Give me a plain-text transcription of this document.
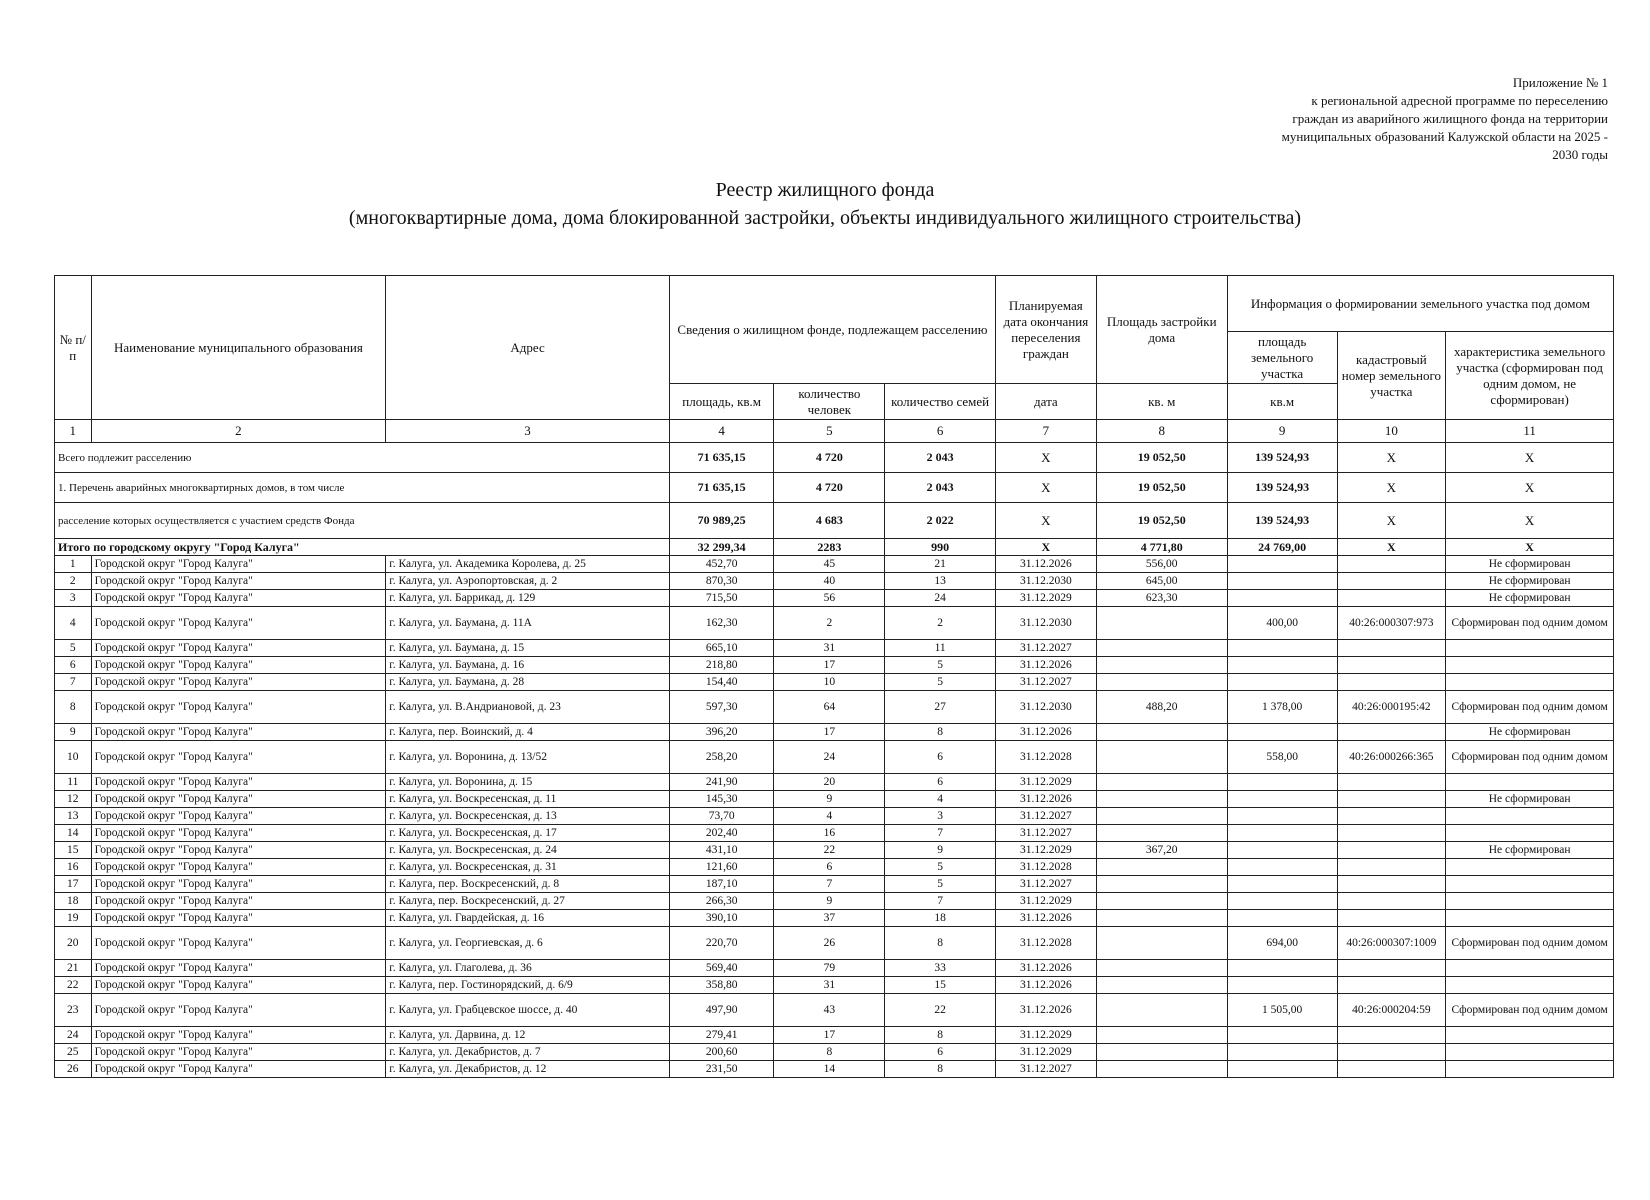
Приложение № 1
к региональной адресной программе по переселению
граждан из аварийного жилищного фонда на территории
муниципальных образований Калужской области на 2025 -
2030 годы
Реестр жилищного фонда
(многоквартирные дома, дома блокированной застройки, объекты индивидуального жилищного строительства)
№ п/п	Наименование муниципального образования	Адрес	Сведения о жилищном фонде, подлежащем расселению			Планируемая дата окончания переселения граждан	Площадь застройки дома	Информация о формировании земельного участка под домом		
								площадь земельного участка	кадастровый номер земельного участка	характеристика земельного участка (сформирован под одним домом, не сформирован)
			площадь, кв.м	количество человек	количество семей	дата	кв. м	кв.м		
1	2	3	4	5	6	7	8	9	10	11
Всего подлежит расселению			71 635,15	4 720	2 043	X	19 052,50	139 524,93	X	X
1. Перечень аварийных многоквартирных домов, в том числе			71 635,15	4 720	2 043	X	19 052,50	139 524,93	X	X
расселение которых осуществляется с участием средств Фонда			70 989,25	4 683	2 022	X	19 052,50	139 524,93	X	X
Итого по городскому округу "Город Калуга"			32 299,34	2283	990	X	4 771,80	24 769,00	X	X
1	Городской округ "Город Калуга"	г. Калуга, ул. Академика Королева, д. 25	452,70	45	21	31.12.2026	556,00			Не сформирован
2	Городской округ "Город Калуга"	г. Калуга, ул. Аэропортовская, д. 2	870,30	40	13	31.12.2030	645,00			Не сформирован
3	Городской округ "Город Калуга"	г. Калуга, ул. Баррикад, д. 129	715,50	56	24	31.12.2029	623,30			Не сформирован
4	Городской округ "Город Калуга"	г. Калуга, ул. Баумана, д. 11А	162,30	2	2	31.12.2030		400,00	40:26:000307:973	Сформирован под одним домом
5	Городской округ "Город Калуга"	г. Калуга, ул. Баумана, д. 15	665,10	31	11	31.12.2027				
6	Городской округ "Город Калуга"	г. Калуга, ул. Баумана, д. 16	218,80	17	5	31.12.2026				
7	Городской округ "Город Калуга"	г. Калуга, ул. Баумана, д. 28	154,40	10	5	31.12.2027				
8	Городской округ "Город Калуга"	г. Калуга, ул. В.Андриановой, д. 23	597,30	64	27	31.12.2030	488,20	1 378,00	40:26:000195:42	Сформирован под одним домом
9	Городской округ "Город Калуга"	г. Калуга, пер. Воинский, д. 4	396,20	17	8	31.12.2026				Не сформирован
10	Городской округ "Город Калуга"	г. Калуга, ул. Воронина, д. 13/52	258,20	24	6	31.12.2028		558,00	40:26:000266:365	Сформирован под одним домом
11	Городской округ "Город Калуга"	г. Калуга, ул. Воронина, д. 15	241,90	20	6	31.12.2029				
12	Городской округ "Город Калуга"	г. Калуга, ул. Воскресенская, д. 11	145,30	9	4	31.12.2026				Не сформирован
13	Городской округ "Город Калуга"	г. Калуга, ул. Воскресенская, д. 13	73,70	4	3	31.12.2027				
14	Городской округ "Город Калуга"	г. Калуга, ул. Воскресенская, д. 17	202,40	16	7	31.12.2027				
15	Городской округ "Город Калуга"	г. Калуга, ул. Воскресенская, д. 24	431,10	22	9	31.12.2029	367,20			Не сформирован
16	Городской округ "Город Калуга"	г. Калуга, ул. Воскресенская, д. 31	121,60	6	5	31.12.2028				
17	Городской округ "Город Калуга"	г. Калуга, пер. Воскресенский, д. 8	187,10	7	5	31.12.2027				
18	Городской округ "Город Калуга"	г. Калуга, пер. Воскресенский, д. 27	266,30	9	7	31.12.2029				
19	Городской округ "Город Калуга"	г. Калуга, ул. Гвардейская, д. 16	390,10	37	18	31.12.2026				
20	Городской округ "Город Калуга"	г. Калуга, ул. Георгиевская, д. 6	220,70	26	8	31.12.2028		694,00	40:26:000307:1009	Сформирован под одним домом
21	Городской округ "Город Калуга"	г. Калуга, ул. Глаголева, д. 36	569,40	79	33	31.12.2026				
22	Городской округ "Город Калуга"	г. Калуга, пер. Гостинорядский, д. 6/9	358,80	31	15	31.12.2026				
23	Городской округ "Город Калуга"	г. Калуга, ул. Грабцевское шоссе, д. 40	497,90	43	22	31.12.2026		1 505,00	40:26:000204:59	Сформирован под одним домом
24	Городской округ "Город Калуга"	г. Калуга, ул. Дарвина, д. 12	279,41	17	8	31.12.2029				
25	Городской округ "Город Калуга"	г. Калуга, ул. Декабристов, д. 7	200,60	8	6	31.12.2029				
26	Городской округ "Город Калуга"	г. Калуга, ул. Декабристов, д. 12	231,50	14	8	31.12.2027				
